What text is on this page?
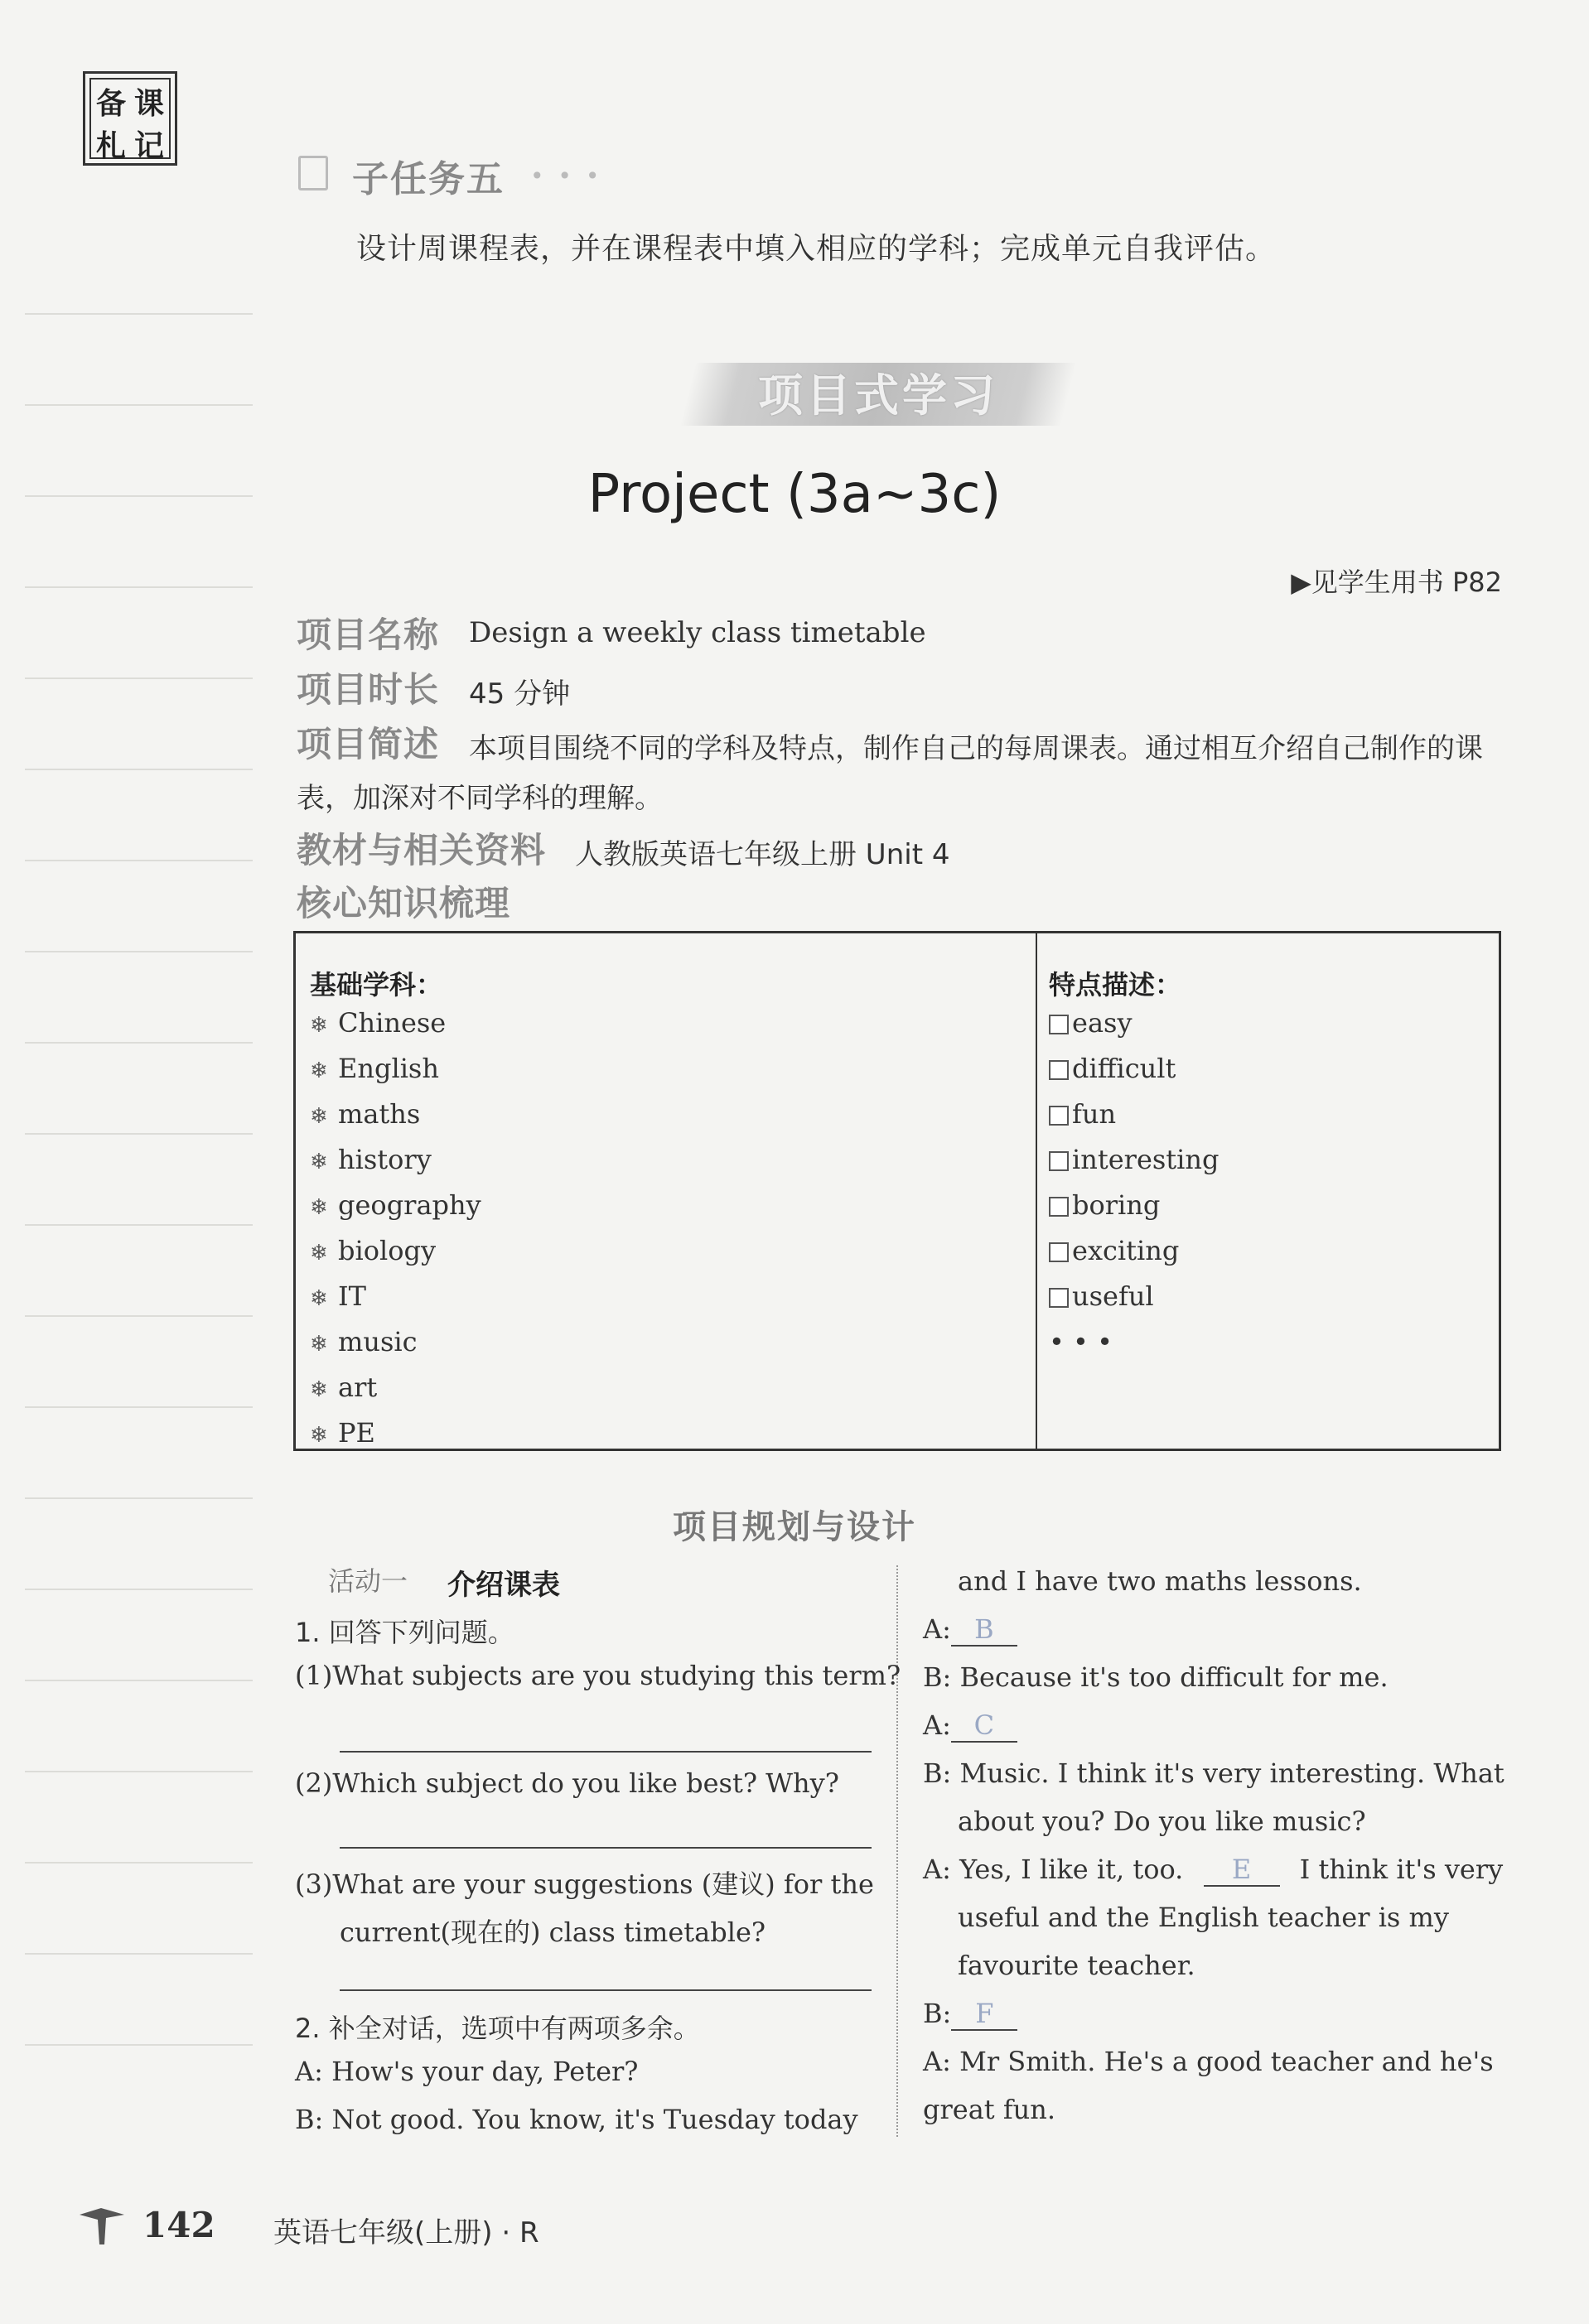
备 课
札 记
子任务五 • • •
设计周课程表，并在课程表中填入相应的学科；完成单元自我评估。
项目式学习
Project (3a~3c)
▶见学生用书 P82
项目名称 Design a weekly class timetable
项目时长 45 分钟
项目简述 本项目围绕不同的学科及特点，制作自己的每周课表。通过相互介绍自己制作的课
表，加深对不同学科的理解。
教材与相关资料 人教版英语七年级上册 Unit 4
核心知识梳理
基础学科：
❄ Chinese
❄ English
❄ maths
❄ history
❄ geography
❄ biology
❄ IT
❄ music
❄ art
❄ PE
特点描述：
easy
difficult
fun
interesting
boring
exciting
useful
• • •
项目规划与设计
活动一 介绍课表
1. 回答下列问题。
(1)What subjects are you studying this term?
(2)Which subject do you like best? Why?
(3)What are your suggestions (建议) for the
current(现在的) class timetable?
2. 补全对话，选项中有两项多余。
A: How's your day, Peter?
B: Not good. You know, it's Tuesday today
and I have two maths lessons.
A: B
B: Because it's too difficult for me.
A: C
B: Music. I think it's very interesting. What
about you? Do you like music?
A: Yes, I like it, too. E I think it's very
useful and the English teacher is my
favourite teacher.
B: F
A: Mr Smith. He's a good teacher and he's
great fun.
142 英语七年级(上册) · R
